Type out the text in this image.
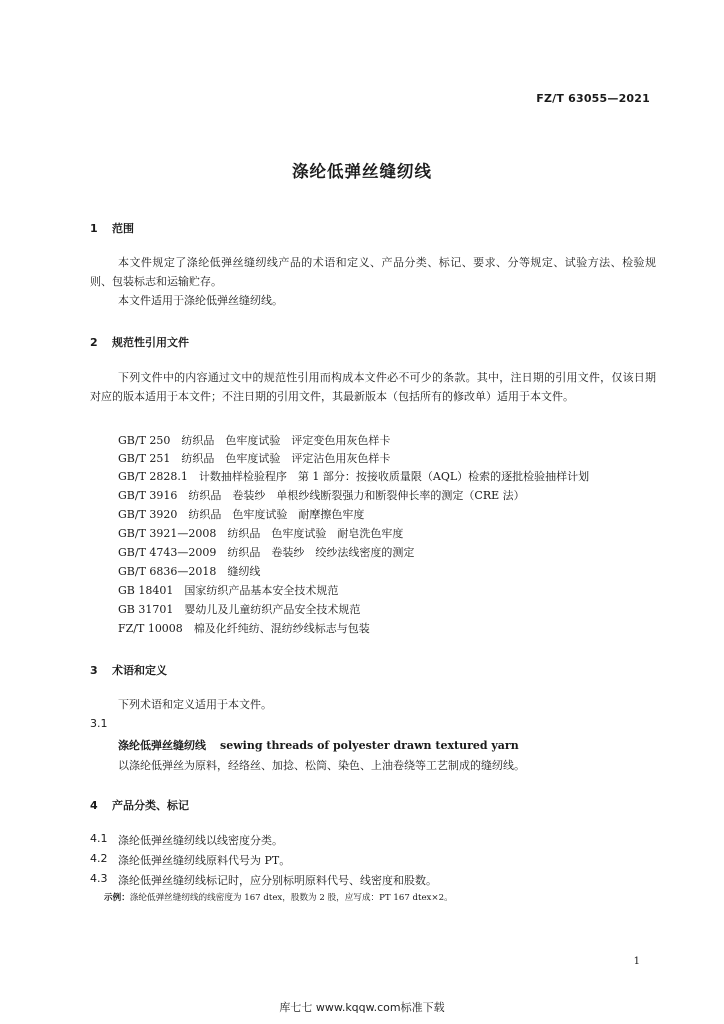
FZ/T 63055—2021
涤纶低弹丝缝纫线
1 范围
本文件规定了涤纶低弹丝缝纫线产品的术语和定义、产品分类、标记、要求、分等规定、试验方法、检验规则、包装标志和运输贮存。
本文件适用于涤纶低弹丝缝纫线。
2 规范性引用文件
下列文件中的内容通过文中的规范性引用而构成本文件必不可少的条款。其中，注日期的引用文件，仅该日期对应的版本适用于本文件；不注日期的引用文件，其最新版本（包括所有的修改单）适用于本文件。
GB/T 250　纺织品　色牢度试验　评定变色用灰色样卡
GB/T 251　纺织品　色牢度试验　评定沾色用灰色样卡
GB/T 2828.1　计数抽样检验程序　第 1 部分：按接收质量限（AQL）检索的逐批检验抽样计划
GB/T 3916　纺织品　卷装纱　单根纱线断裂强力和断裂伸长率的测定（CRE 法）
GB/T 3920　纺织品　色牢度试验　耐摩擦色牢度
GB/T 3921—2008　纺织品　色牢度试验　耐皂洗色牢度
GB/T 4743—2009　纺织品　卷装纱　绞纱法线密度的测定
GB/T 6836—2018　缝纫线
GB 18401　国家纺织产品基本安全技术规范
GB 31701　婴幼儿及儿童纺织产品安全技术规范
FZ/T 10008　棉及化纤纯纺、混纺纱线标志与包装
3 术语和定义
下列术语和定义适用于本文件。
3.1
涤纶低弹丝缝纫线 sewing threads of polyester drawn textured yarn
以涤纶低弹丝为原料，经络丝、加捻、松筒、染色、上油卷绕等工艺制成的缝纫线。
4 产品分类、标记
4.1 涤纶低弹丝缝纫线以线密度分类。
4.2 涤纶低弹丝缝纫线原料代号为 PT。
4.3 涤纶低弹丝缝纫线标记时，应分别标明原料代号、线密度和股数。
示例：涤纶低弹丝缝纫线的线密度为 167 dtex，股数为 2 股，应写成：PT 167 dtex×2。
1
库七七 www.kqqw.com标准下载
